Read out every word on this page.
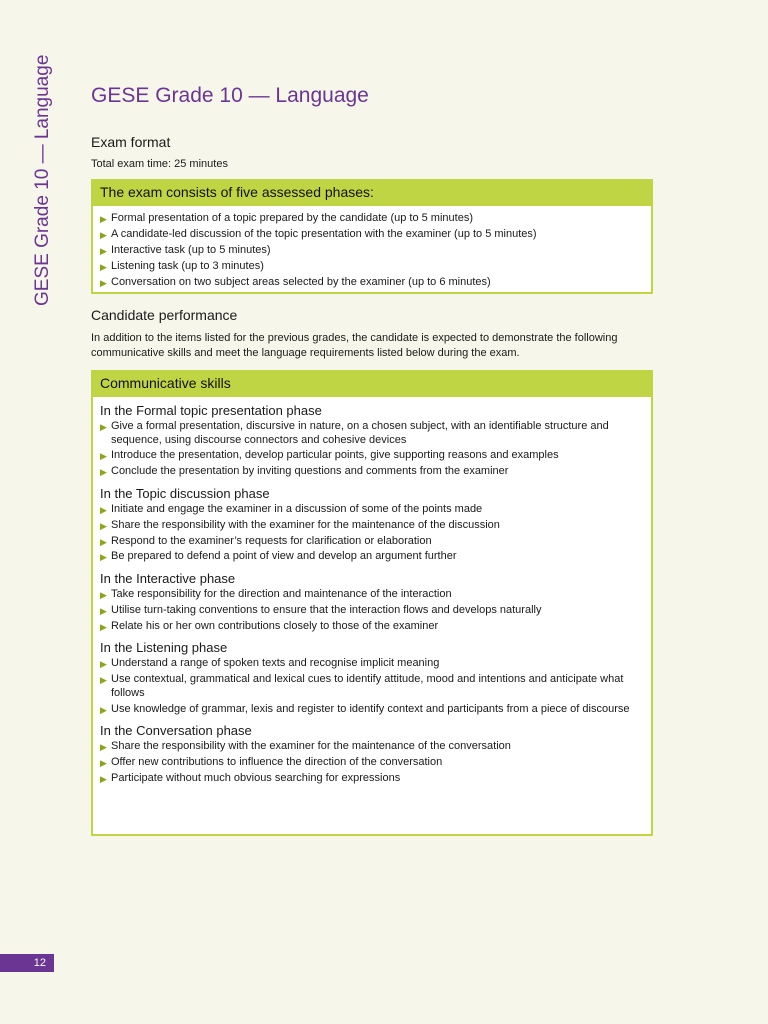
GESE Grade 10 — Language GESE Grade 10 — Language
Exam format
Total exam time: 25 minutes
The exam consists of five assessed phases:
▶ Formal presentation of a topic prepared by the candidate (up to 5 minutes)
▶ A candidate-led discussion of the topic presentation with the examiner (up to 5 minutes)
▶ Interactive task (up to 5 minutes)
▶ Listening task (up to 3 minutes)
▶ Conversation on two subject areas selected by the examiner (up to 6 minutes)
Candidate performance
In addition to the items listed for the previous grades, the candidate is expected to demonstrate the following communicative skills and meet the language requirements listed below during the exam.
Communicative skills
In the Formal topic presentation phase
▶ Give a formal presentation, discursive in nature, on a chosen subject, with an identifiable structure and sequence, using discourse connectors and cohesive devices
▶ Introduce the presentation, develop particular points, give supporting reasons and examples
▶ Conclude the presentation by inviting questions and comments from the examiner
In the Topic discussion phase
▶ Initiate and engage the examiner in a discussion of some of the points made
▶ Share the responsibility with the examiner for the maintenance of the discussion
▶ Respond to the examiner’s requests for clarification or elaboration
▶ Be prepared to defend a point of view and develop an argument further
In the Interactive phase
▶ Take responsibility for the direction and maintenance of the interaction
▶ Utilise turn-taking conventions to ensure that the interaction flows and develops naturally
▶ Relate his or her own contributions closely to those of the examiner
In the Listening phase
▶ Understand a range of spoken texts and recognise implicit meaning
▶ Use contextual, grammatical and lexical cues to identify attitude, mood and intentions and anticipate what follows
▶ Use knowledge of grammar, lexis and register to identify context and participants from a piece of discourse
In the Conversation phase
▶ Share the responsibility with the examiner for the maintenance of the conversation
▶ Offer new contributions to influence the direction of the conversation
▶ Participate without much obvious searching for expressions
12
